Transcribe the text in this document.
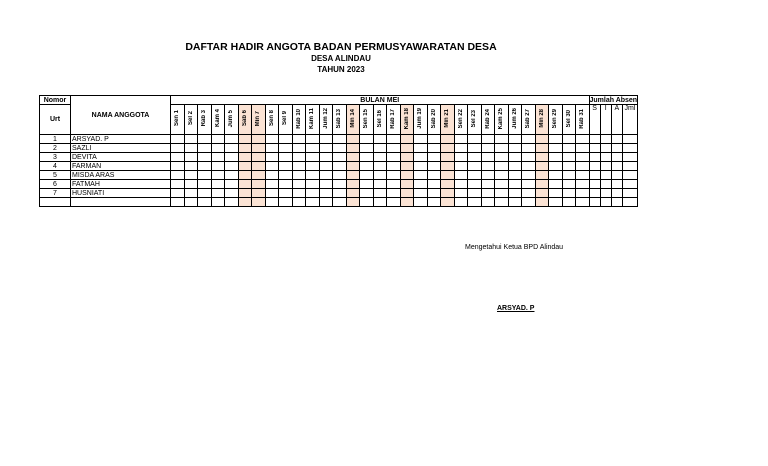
DAFTAR HADIR ANGOTA BADAN PERMUSYAWARATAN DESA
DESA ALINDAU
TAHUN 2023
Nomor	NAMA ANGGOTA	BULAN MEI																															Jumlah Absen			
Urt		Sen 1	Sel 2	Rab 3	Kam 4	Jum 5	Sab 6	Min 7	Sen 8	Sel 9	Rab 10	Kam 11	Jum 12	Sab 13	Min 14	Sen 15	Sel 16	Rab 17	Kam 18	Jum 19	Sab 20	Min 21	Sen 22	Sel 23	Rab 24	Kam 25	Jum 26	Sab 27	Min 28	Sen 29	Sel 30	Rab 31	S	I	A	Jml
1	ARSYAD. P																																			
2	SAZLI																																			
3	DEVITA																																			
4	FARMAN																																			
5	MISDA ARAS																																			
6	FATMAH																																			
7	HUSNIATI																																			

Mengetahui Ketua BPD Alindau
ARSYAD. P
